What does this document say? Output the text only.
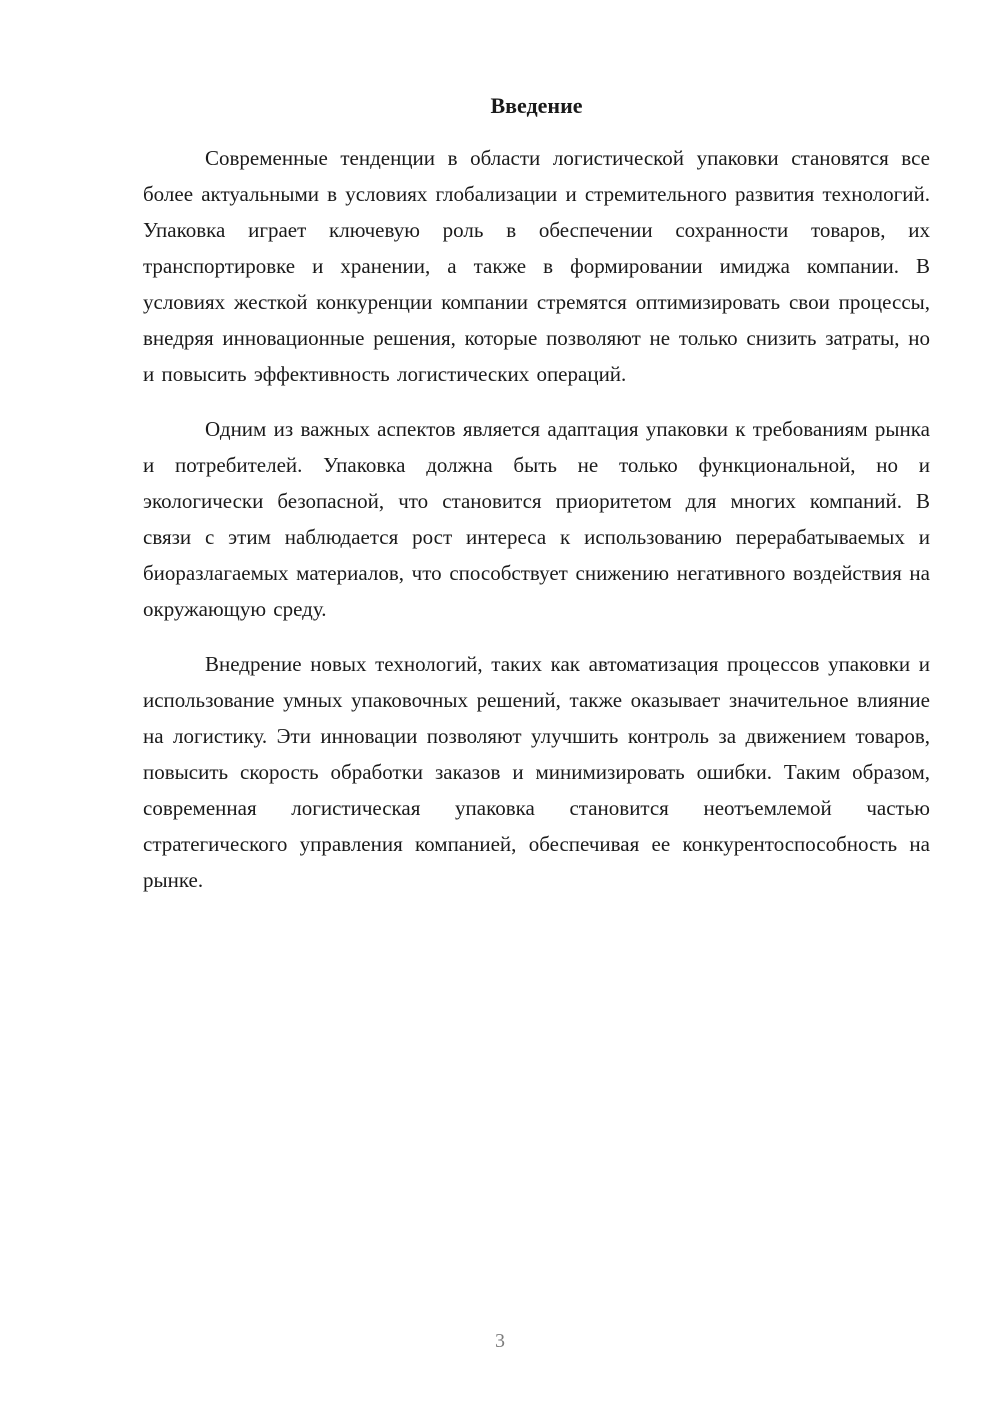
Введение

Современные тенденции в области логистической упаковки становятся все более актуальными в условиях глобализации и стремительного развития технологий. Упаковка играет ключевую роль в обеспечении сохранности товаров, их транспортировке и хранении, а также в формировании имиджа компании. В условиях жесткой конкуренции компании стремятся оптимизировать свои процессы, внедряя инновационные решения, которые позволяют не только снизить затраты, но и повысить эффективность логистических операций.

Одним из важных аспектов является адаптация упаковки к требованиям рынка и потребителей. Упаковка должна быть не только функциональной, но и экологически безопасной, что становится приоритетом для многих компаний. В связи с этим наблюдается рост интереса к использованию перерабатываемых и биоразлагаемых материалов, что способствует снижению негативного воздействия на окружающую среду.

Внедрение новых технологий, таких как автоматизация процессов упаковки и использование умных упаковочных решений, также оказывает значительное влияние на логистику. Эти инновации позволяют улучшить контроль за движением товаров, повысить скорость обработки заказов и минимизировать ошибки. Таким образом, современная логистическая упаковка становится неотъемлемой частью стратегического управления компанией, обеспечивая ее конкурентоспособность на рынке.

3
